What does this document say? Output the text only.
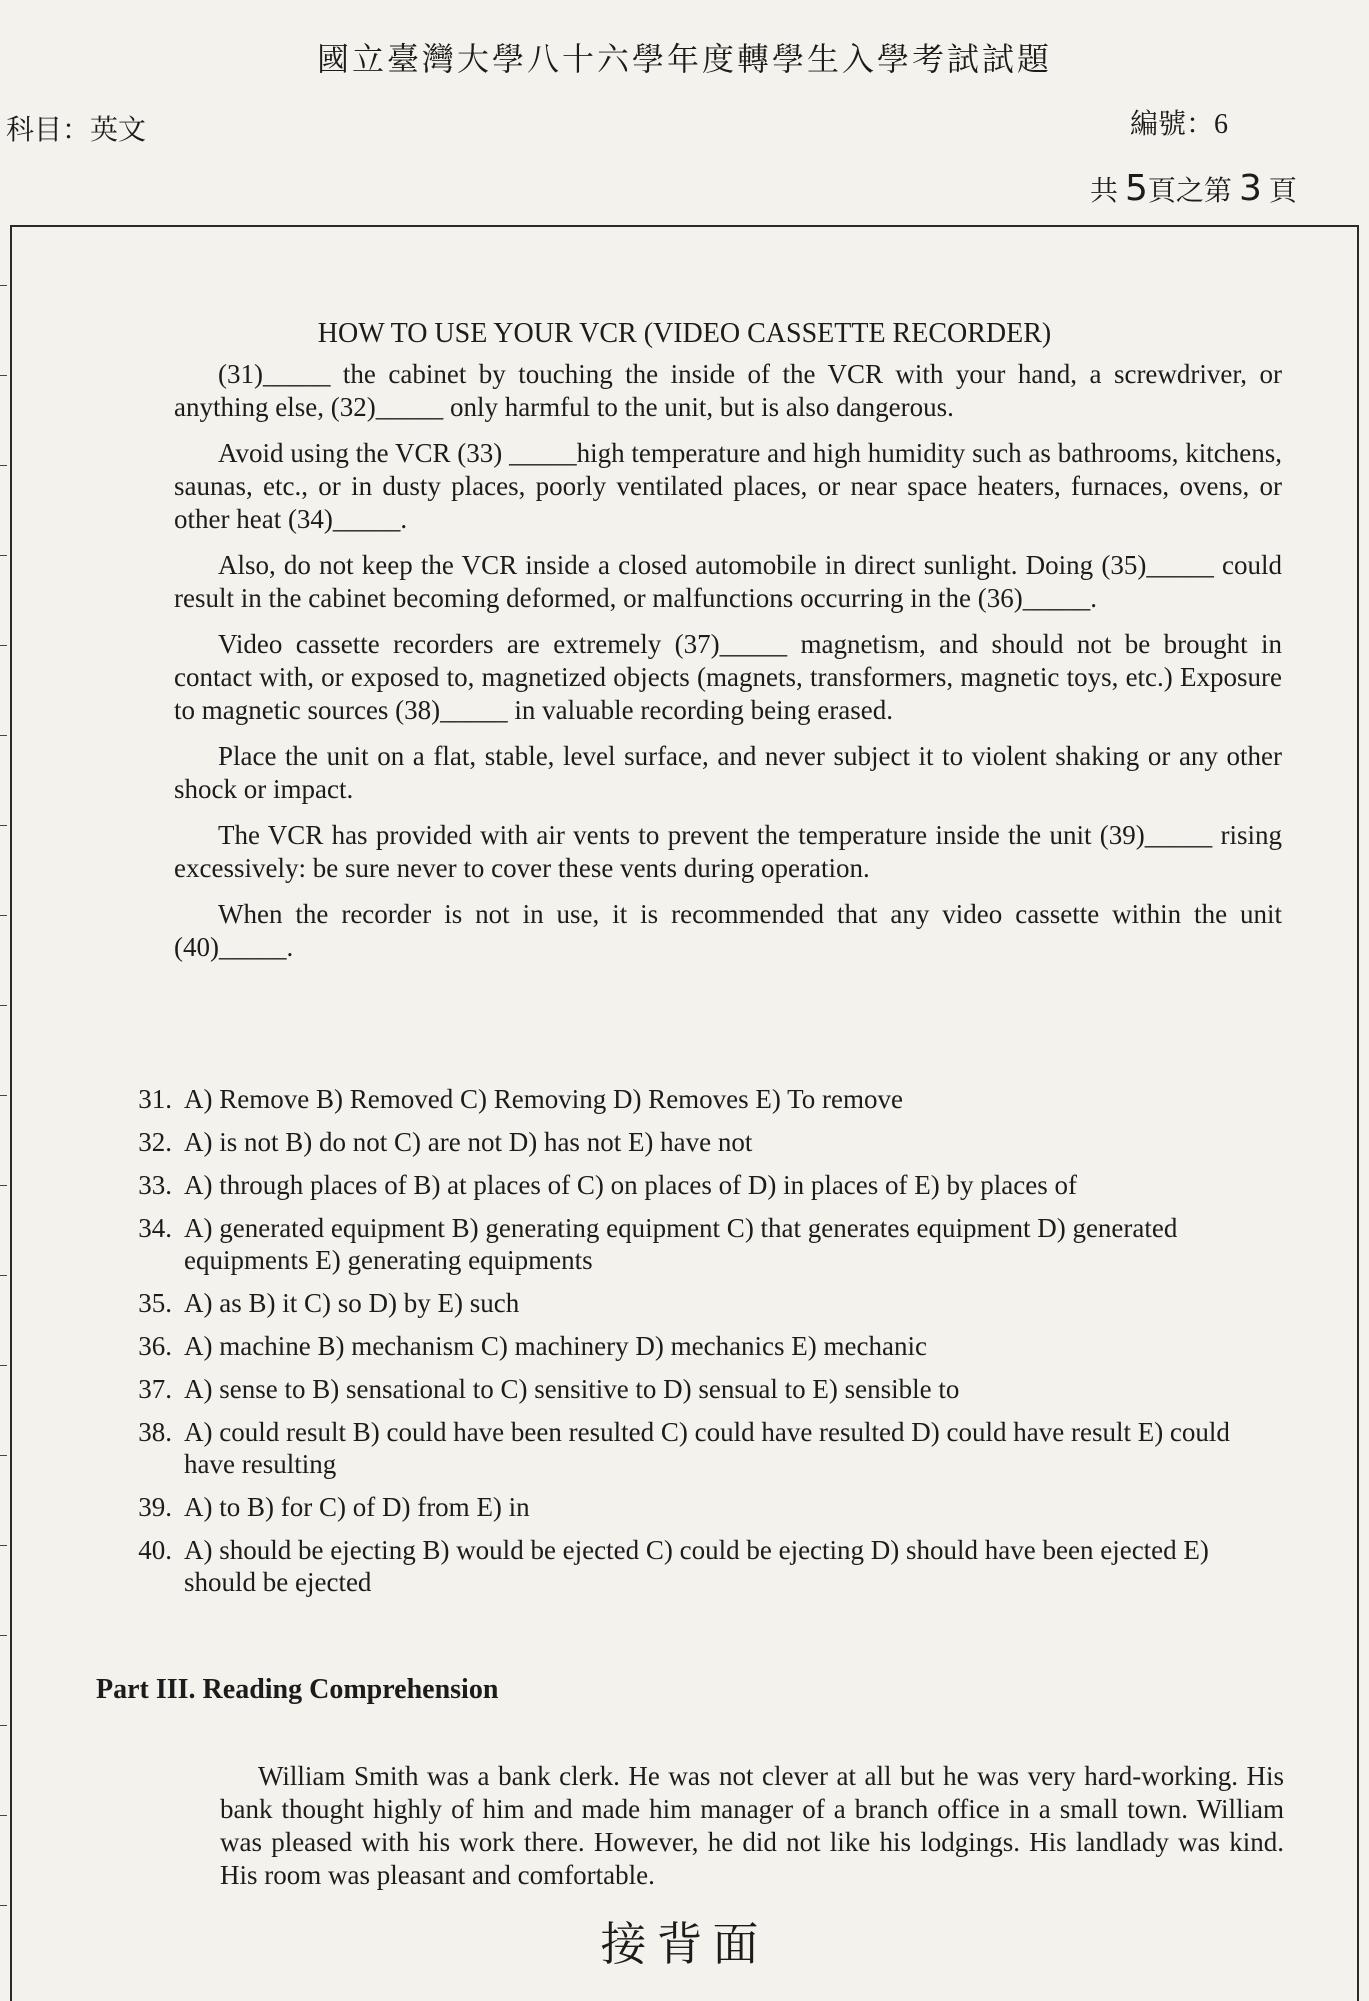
國立臺灣大學八十六學年度轉學生入學考試試題
科目：英文	編號：6
共 5頁之第 3 頁
HOW TO USE YOUR VCR (VIDEO CASSETTE RECORDER)

(31)_____ the cabinet by touching the inside of the VCR with your hand, a screwdriver, or anything else, (32)_____ only harmful to the unit, but is also dangerous.

Avoid using the VCR (33) _____high temperature and high humidity such as bathrooms, kitchens, saunas, etc., or in dusty places, poorly ventilated places, or near space heaters, furnaces, ovens, or other heat (34)_____.

Also, do not keep the VCR inside a closed automobile in direct sunlight. Doing (35)_____ could result in the cabinet becoming deformed, or malfunctions occurring in the (36)_____.

Video cassette recorders are extremely (37)_____ magnetism, and should not be brought in contact with, or exposed to, magnetized objects (magnets, transformers, magnetic toys, etc.) Exposure to magnetic sources (38)_____ in valuable recording being erased.

Place the unit on a flat, stable, level surface, and never subject it to violent shaking or any other shock or impact.

The VCR has provided with air vents to prevent the temperature inside the unit (39)_____ rising excessively: be sure never to cover these vents during operation.

When the recorder is not in use, it is recommended that any video cassette within the unit (40)_____.

31. A) Remove B) Removed C) Removing D) Removes E) To remove
32. A) is not B) do not C) are not D) has not E) have not
33. A) through places of B) at places of C) on places of D) in places of E) by places of
34. A) generated equipment B) generating equipment C) that generates equipment D) generated equipments E) generating equipments
35. A) as B) it C) so D) by E) such
36. A) machine B) mechanism C) machinery D) mechanics E) mechanic
37. A) sense to B) sensational to C) sensitive to D) sensual to E) sensible to
38. A) could result B) could have been resulted C) could have resulted D) could have result E) could have resulting
39. A) to B) for C) of D) from E) in
40. A) should be ejecting B) would be ejected C) could be ejecting D) should have been ejected E) should be ejected
Part III. Reading Comprehension

William Smith was a bank clerk. He was not clever at all but he was very hard-working. His bank thought highly of him and made him manager of a branch office in a small town. William was pleased with his work there. However, he did not like his lodgings. His landlady was kind. His room was pleasant and comfortable.

接背面
